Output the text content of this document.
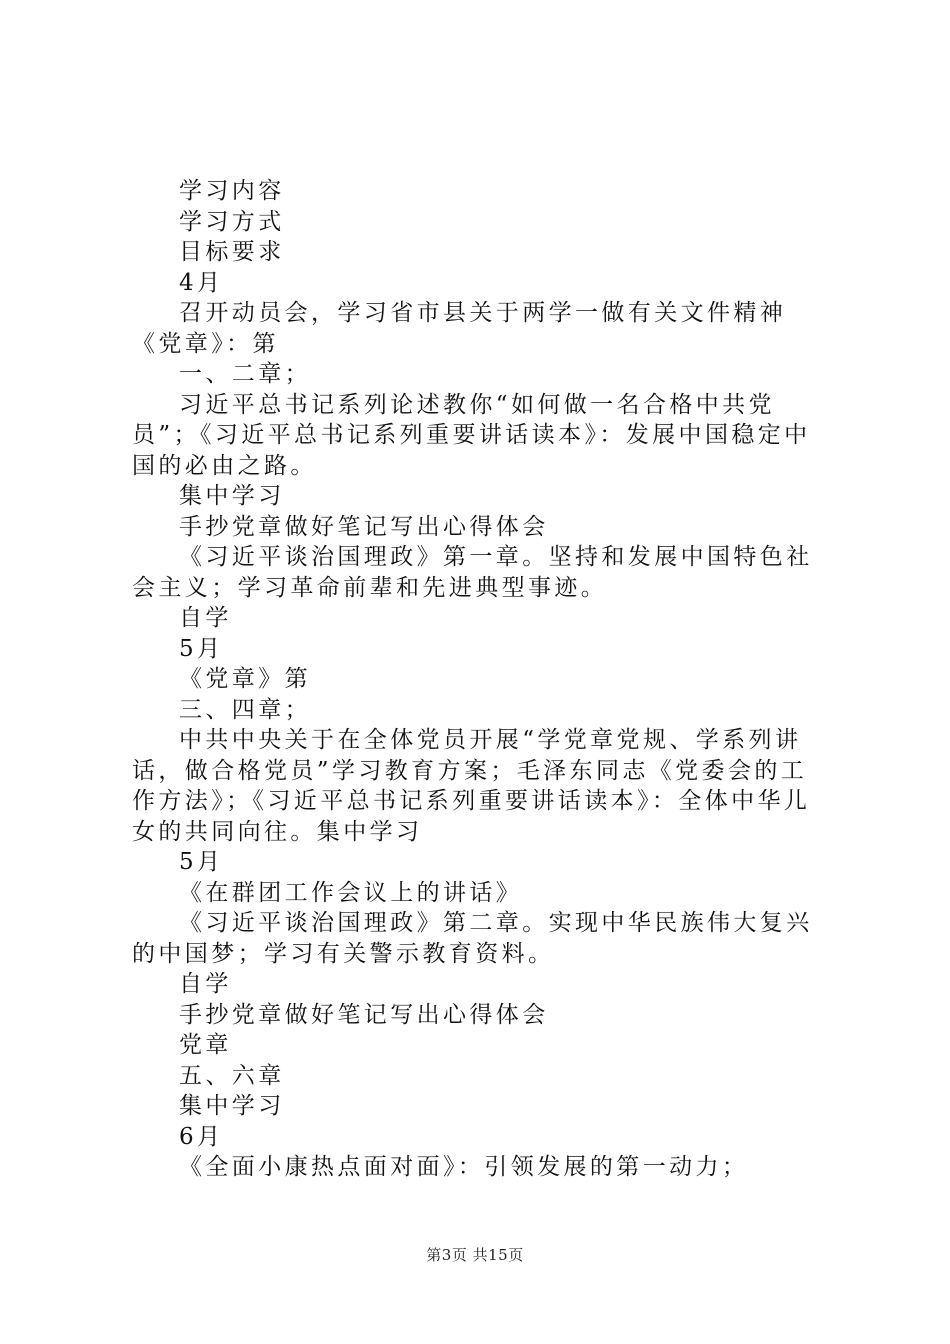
学习内容

学习方式

目标要求

4月

召开动员会，学习省市县关于两学一做有关文件精神《党章》：第

一、二章；

习近平总书记系列论述教你“如何做一名合格中共党员”；《习近平总书记系列重要讲话读本》：发展中国稳定中国的必由之路。

集中学习

手抄党章做好笔记写出心得体会

《习近平谈治国理政》第一章。坚持和发展中国特色社会主义；学习革命前辈和先进典型事迹。

自学

5月

《党章》第

三、四章；

中共中央关于在全体党员开展“学党章党规、学系列讲话，做合格党员”学习教育方案；毛泽东同志《党委会的工作方法》；《习近平总书记系列重要讲话读本》：全体中华儿女的共同向往。集中学习

5月

《在群团工作会议上的讲话》

《习近平谈治国理政》第二章。实现中华民族伟大复兴的中国梦；学习有关警示教育资料。

自学

手抄党章做好笔记写出心得体会

党章

五、六章

集中学习

6月

《全面小康热点面对面》：引领发展的第一动力；

第3页 共15页
